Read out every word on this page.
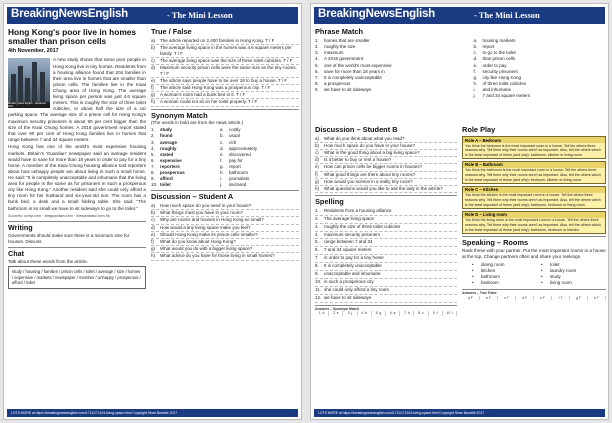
BreakingNewsEnglish	- The Mini Lesson
Hong Kong's poor live in homes smaller than prison cells
4th November, 2017
Breaking News English · Newsletter · 2017

A new study shows that some poor people in Hong Kong live in tiny homes. Residents from a housing alliance found that 204 families in their area live in homes that are smaller than prison cells. The families live in the Kwai Chung area of Hong Kong. The average living space per person was just 4.6 square meters. This is roughly the size of three toilet cubicles, or about half the size of a car parking space. The average size of a prison cell for Hong Kong's maximum security prisoners is about 90 per cent bigger than the size of the Kwai Chung homes. A 2016 government report stated that over 90 per cent of Hong Kong families live in homes that range between 7 and 34 square meters.

Hong Kong has one of the world's most expensive housing markets. Britain's 'Guardian' newspaper said an average resident would have to save for more than 18 years in order to pay for a tiny home. A member of the Kwai Chung housing alliance told reporters about how unhappy people are about living in such a small home. He said: "It is completely unacceptable and inhumane that the living area for people is the same as for prisoners in such a prosperous city like Hong Kong." Another resident said she could only afford a tiny room for her husband and six-year-old son. The room has a bunk bed, a desk and a small folding table. She said: "The bathroom is so small we have to sit sideways to go to the toilet."

Sources: scmp.com · theguardian.com · thestandard.com.hk
Writing
Governments should make sure there is a minimum size for houses. Discuss.
Chat
Talk about these words from the article.
study / housing / families / prison cells / toilet / average / size / homes / expensive / markets / newspaper / member / unhappy / prosperous / afford / toilet
True / False
a)	The article reported on 2,400 families in Hong Kong. T / F
b)	The average living space in the homes was 4.6 square meters per family. T / F
c)	The average living space was the size of three toilet cubicles. T / F
d)	Maximum security prison cells were the same size as the tiny rooms. T / F
e)	The article says people have to be over 18 to buy a house. T / F
f)	The article said Hong Kong was a prosperous city. T / F
g)	A woman's room had a bunk bed in it. T / F
h)	A woman could not sit on her toilet properly. T / F
Synonym Match
(The words in bold are from the news article.)
1.	study	a.	costly
2.	found	b.	usual
3.	average	c.	rich
4.	roughly	d.	approximately
5.	stated	e.	discovered
6.	expensive	f.	pay for
7.	reporters	g.	report
8.	prosperous	h.	bathroom
9.	afford	i.	journalists
10. toilet	j.	declared
Discussion – Student A
a)	How much space do you need in your house?
b)	What things must you have in your room?
c)	Why are rooms and houses in Hong Kong so small?
d)	How would a tiny living space make you feel?
e)	Should Hong Kong make its prison cells smaller?
f)	What do you know about Hong Kong?
g)	What would you do with a bigger living space?
h)	What advice do you have for those living in small homes?
LOTS MORE at https://breakingnewsenglish.com/1711/171104-living-space.html Copyright Sean Banville 2017
BreakingNewsEnglish	- The Mini Lesson
Phrase Match
1.	homes that are smaller
2.	roughly the size
3.	maximum
4.	A 2016 government
5.	one of the world's most expensive
6.	save for more than 18 years in
7.	It is completely unacceptable
8.	a prosperous
9.	we have to sit sideways
a.	housing markets
b.	report
c.	to go to the toilet
d.	than prison cells
e.	order to pay
f.	security prisoners
g.	city like Hong Kong
h.	of three toilet cubicles
i.	and inhumane
j.	7 and 34 square meters
Discussion – Student B
a)	What do you think about what you read?
b)	How much space do you have in your house?
c)	What is the good thing about a big living space?
d)	Is it better to buy or rent a house?
e)	How can prison cells be bigger rooms in houses?
f)	What good things are there about tiny rooms?
g)	How would you survive in a really tiny room?
h)	What questions would you like to ask the lady in the article?
Spelling
1.	Residents from a housing alliance
2.	The average living space
3.	roughly the size of three toilet cubicles
4.	maximum security prisoners
5.	range between 7 and 34
6.	7 and 34 square meters
7.	in order to pay for a tiny home
8.	It is completely unacceptable
9.	unacceptable and inhumane
10. in such a prosperous city
11. she could only afford a tiny room
12. we have to sit sideways
Answers – Synonym Match
1. d	2. e	3. j	4. b	5. g	6. a	7. h	8. c	9. f	10. i
Role Play
Role A – Bedroom
You think the bedroom is the most important room in a house. Tell the others three reasons why. Tell them why their rooms aren't as important. Also, tell the others which is the least important of these (and why): bathroom, kitchen or living room.
Role B – Bathroom
You think the bathroom is the most important room in a house. Tell the others three reasons why. Tell them why their rooms aren't as important. Also, tell the others which is the least important of these (and why): bedroom, kitchen or living room.
Role C – Kitchen
You think the kitchen is the most important room in a house. Tell the others three reasons why. Tell them why their rooms aren't as important. Also, tell the others which is the least important of these (and why): bathroom, bedroom or living room.
Role D – Living room
You think the living room is the most important room in a house. Tell the others three reasons why. Tell them why their rooms aren't as important. Also, tell the others which is the least important of these (and why): bathroom, bedroom or kitchen.
Speaking – Rooms
Rank these with your partner. Put the most important rooms in a house at the top. Change partners often and share your rankings.
•	dining room	•	toilet
•	kitchen	•	laundry room
•	bathroom	•	study
•	bedroom	•	living room
Answers – True False
a F	b F	c T	d F	e F	f T	g T	h T
LOTS MORE at https://breakingnewsenglish.com/1711/171104-living-space.html Copyright Sean Banville 2017
